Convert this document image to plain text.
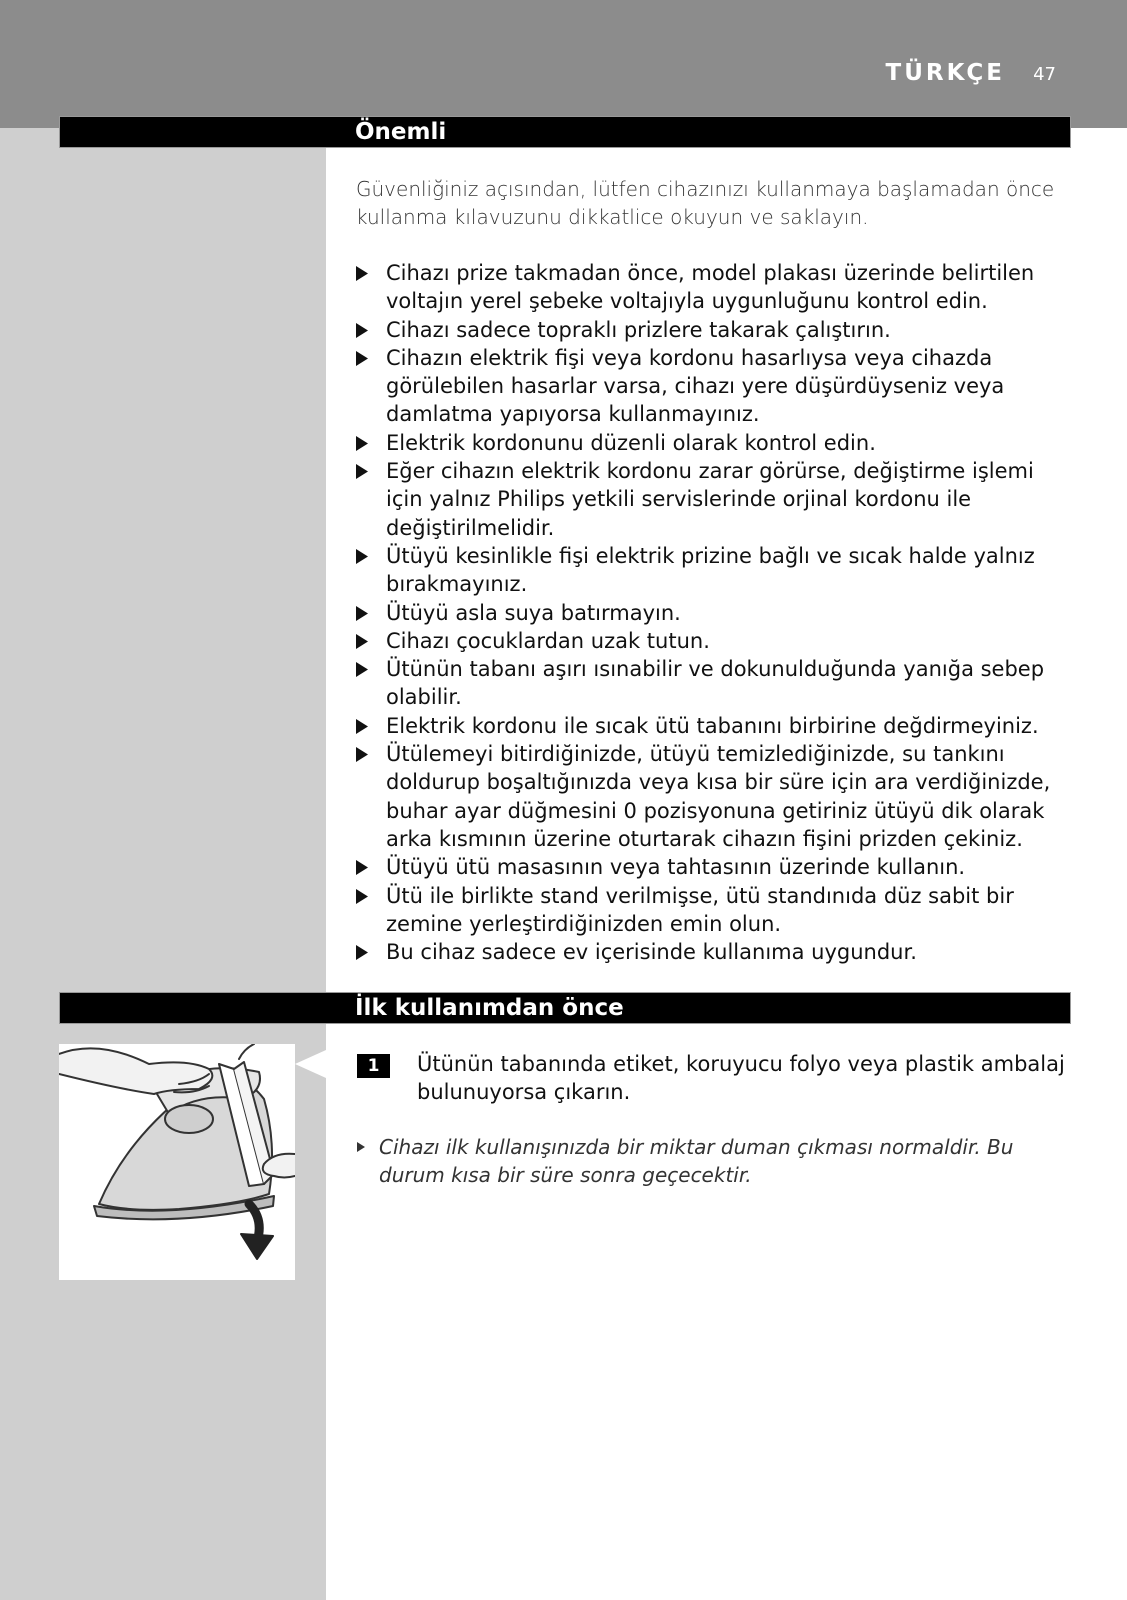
TÜRKÇE 47
Önemli
Güvenliğiniz açısından, lütfen cihazınızı kullanmaya başlamadan önce kullanma kılavuzunu dikkatlice okuyun ve saklayın.
Cihazı prize takmadan önce, model plakası üzerinde belirtilen voltajın yerel şebeke voltajıyla uygunluğunu kontrol edin.
Cihazı sadece topraklı prizlere takarak çalıştırın.
Cihazın elektrik fişi veya kordonu hasarlıysa veya cihazda görülebilen hasarlar varsa, cihazı yere düşürdüyseniz veya damlatma yapıyorsa kullanmayınız.
Elektrik kordonunu düzenli olarak kontrol edin.
Eğer cihazın elektrik kordonu zarar görürse, değiştirme işlemi için yalnız Philips yetkili servislerinde orjinal kordonu ile değiştirilmelidir.
Ütüyü kesinlikle fişi elektrik prizine bağlı ve sıcak halde yalnız bırakmayınız.
Ütüyü asla suya batırmayın.
Cihazı çocuklardan uzak tutun.
Ütünün tabanı aşırı ısınabilir ve dokunulduğunda yanığa sebep olabilir.
Elektrik kordonu ile sıcak ütü tabanını birbirine değdirmeyiniz.
Ütülemeyi bitirdiğinizde, ütüyü temizlediğinizde, su tankını doldurup boşaltığınızda veya kısa bir süre için ara verdiğinizde, buhar ayar düğmesini 0 pozisyonuna getiriniz ütüyü dik olarak arka kısmının üzerine oturtarak cihazın fişini prizden çekiniz.
Ütüyü ütü masasının veya tahtasının üzerinde kullanın.
Ütü ile birlikte stand verilmişse, ütü standınıda düz sabit bir zemine yerleştirdiğinizden emin olun.
Bu cihaz sadece ev içerisinde kullanıma uygundur.
İlk kullanımdan önce
1	Ütünün tabanında etiket, koruyucu folyo veya plastik ambalaj bulunuyorsa çıkarın.
Cihazı ilk kullanışınızda bir miktar duman çıkması normaldir. Bu durum kısa bir süre sonra geçecektir.
